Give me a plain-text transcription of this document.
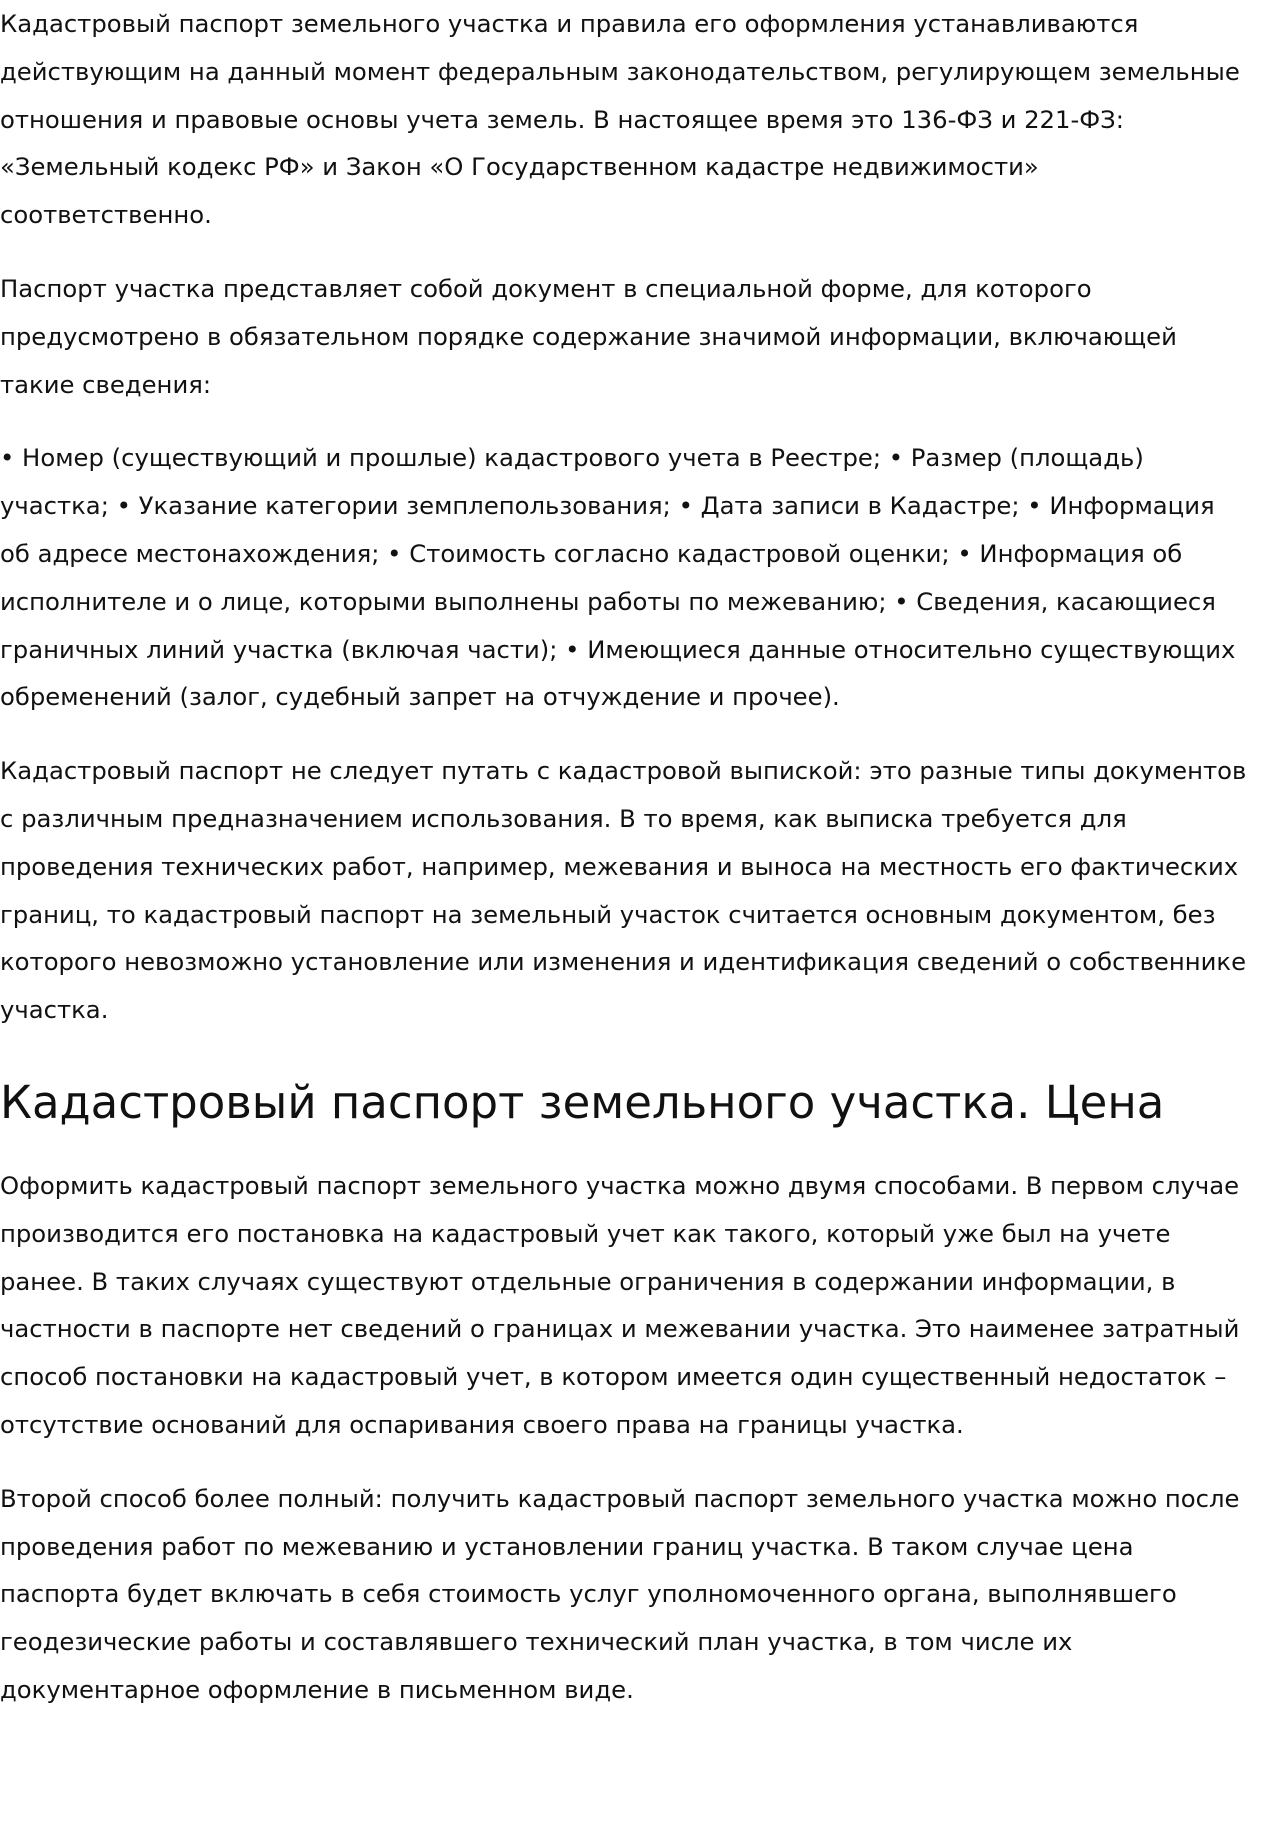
Кадастровый паспорт земельного участка и правила его оформления устанавливаются действующим на данный момент федеральным законодательством, регулирующем земельные отношения и правовые основы учета земель. В настоящее время это 136-ФЗ и 221-ФЗ: «Земельный кодекс РФ» и Закон «О Государственном кадастре недвижимости» соответственно.

Паспорт участка представляет собой документ в специальной форме, для которого предусмотрено в обязательном порядке содержание значимой информации, включающей такие сведения:

• Номер (существующий и прошлые) кадастрового учета в Реестре; • Размер (площадь) участка; • Указание категории земплепользования; • Дата записи в Кадастре; • Информация об адресе местонахождения; • Стоимость согласно кадастровой оценки; • Информация об исполнителе и о лице, которыми выполнены работы по межеванию; • Сведения, касающиеся граничных линий участка (включая части); • Имеющиеся данные относительно существующих обременений (залог, судебный запрет на отчуждение и прочее).

Кадастровый паспорт не следует путать с кадастровой выпиской: это разные типы документов с различным предназначением использования. В то время, как выписка требуется для проведения технических работ, например, межевания и выноса на местность его фактических границ, то кадастровый паспорт на земельный участок считается основным документом, без которого невозможно установление или изменения и идентификация сведений о собственнике участка.

Кадастровый паспорт земельного участка. Цена

Оформить кадастровый паспорт земельного участка можно двумя способами. В первом случае производится его постановка на кадастровый учет как такого, который уже был на учете ранее. В таких случаях существуют отдельные ограничения в содержании информации, в частности в паспорте нет сведений о границах и межевании участка. Это наименее затратный способ постановки на кадастровый учет, в котором имеется один существенный недостаток – отсутствие оснований для оспаривания своего права на границы участка.

Второй способ более полный: получить кадастровый паспорт земельного участка можно после проведения работ по межеванию и установлении границ участка. В таком случае цена паспорта будет включать в себя стоимость услуг уполномоченного органа, выполнявшего геодезические работы и составлявшего технический план участка, в том числе их документарное оформление в письменном виде.
